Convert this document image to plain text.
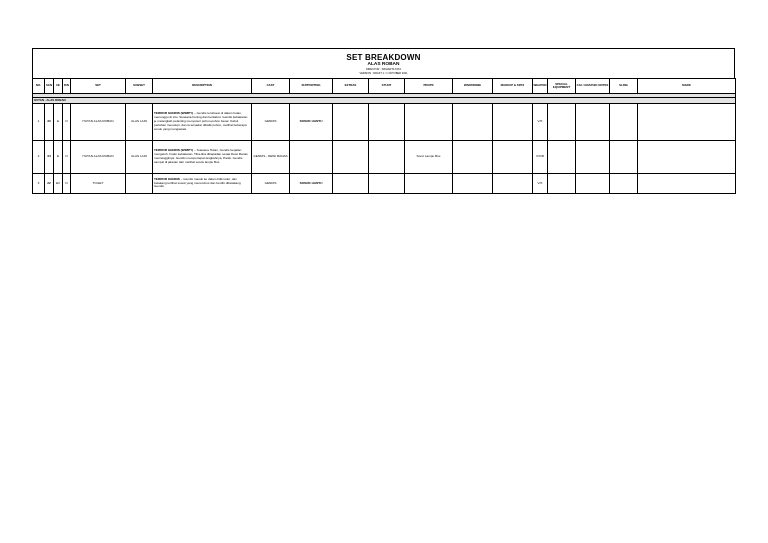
SET BREAKDOWN
ALAS ROBAN
DIRECTOR : SIDHARTA TATA
VERSION : DRAFT 1 / 1 OKTOBER 2021
NO.	SCN	I/E	D/N	SET	SUBSET	DESCRIPTION	CAST	SUPPORTING	EXTRAS	STUNT	PROPS	WARDROBE	MAKEUP & SPFX	WEAPON	SPECIAL EQUIPMENT	CGI / GRAPHIC NOTES	SLING	MARK

HUTAN - ALAS ROBAN																		
1	30	E	N	HUTAN ALAS ROBAN	ALAS LAIN	TERROR GENDIS (WIMPY) – Gendis terobsesi di dalam hutan, menunggu di situ. Suasana hening dan berkabut. Gendis kebakaran je melangkah pelanting menyusuri pohon-pohon besar. Kabut perlahan menutupi, dan ia tersadar dibalik pohon, melihat beberapa sosok yang mengawasi.	GENDIS	SOSOK HANTU						V/X				
2	34	E	N	HUTAN ALAS ROBAN	ALAS LAIN	TERROR GENDIS (WIMPY) – Suasana Hutan, Gendis berjalan mengeluh, hutan kebakaran. Tiba-tiba dihapadan sesak Dewi Ranas memanggilnya. Gendis mempertepat langkahnya, Panik. Gendis sampai di jalanan dan melihat sosok lampu Bus.	GENDIS - DEWI RANAS				Sorot Lampu Bus			V/X/R				
3	22	E/I	N	TOILET		TERROR GENDIS – Gendis masuk ke dalam bilik toilet, dan belakang terlihat sosok yang menembus dan berdiri dibelakang Gendis.	GENDIS	SOSOK HANTU						V/X				
